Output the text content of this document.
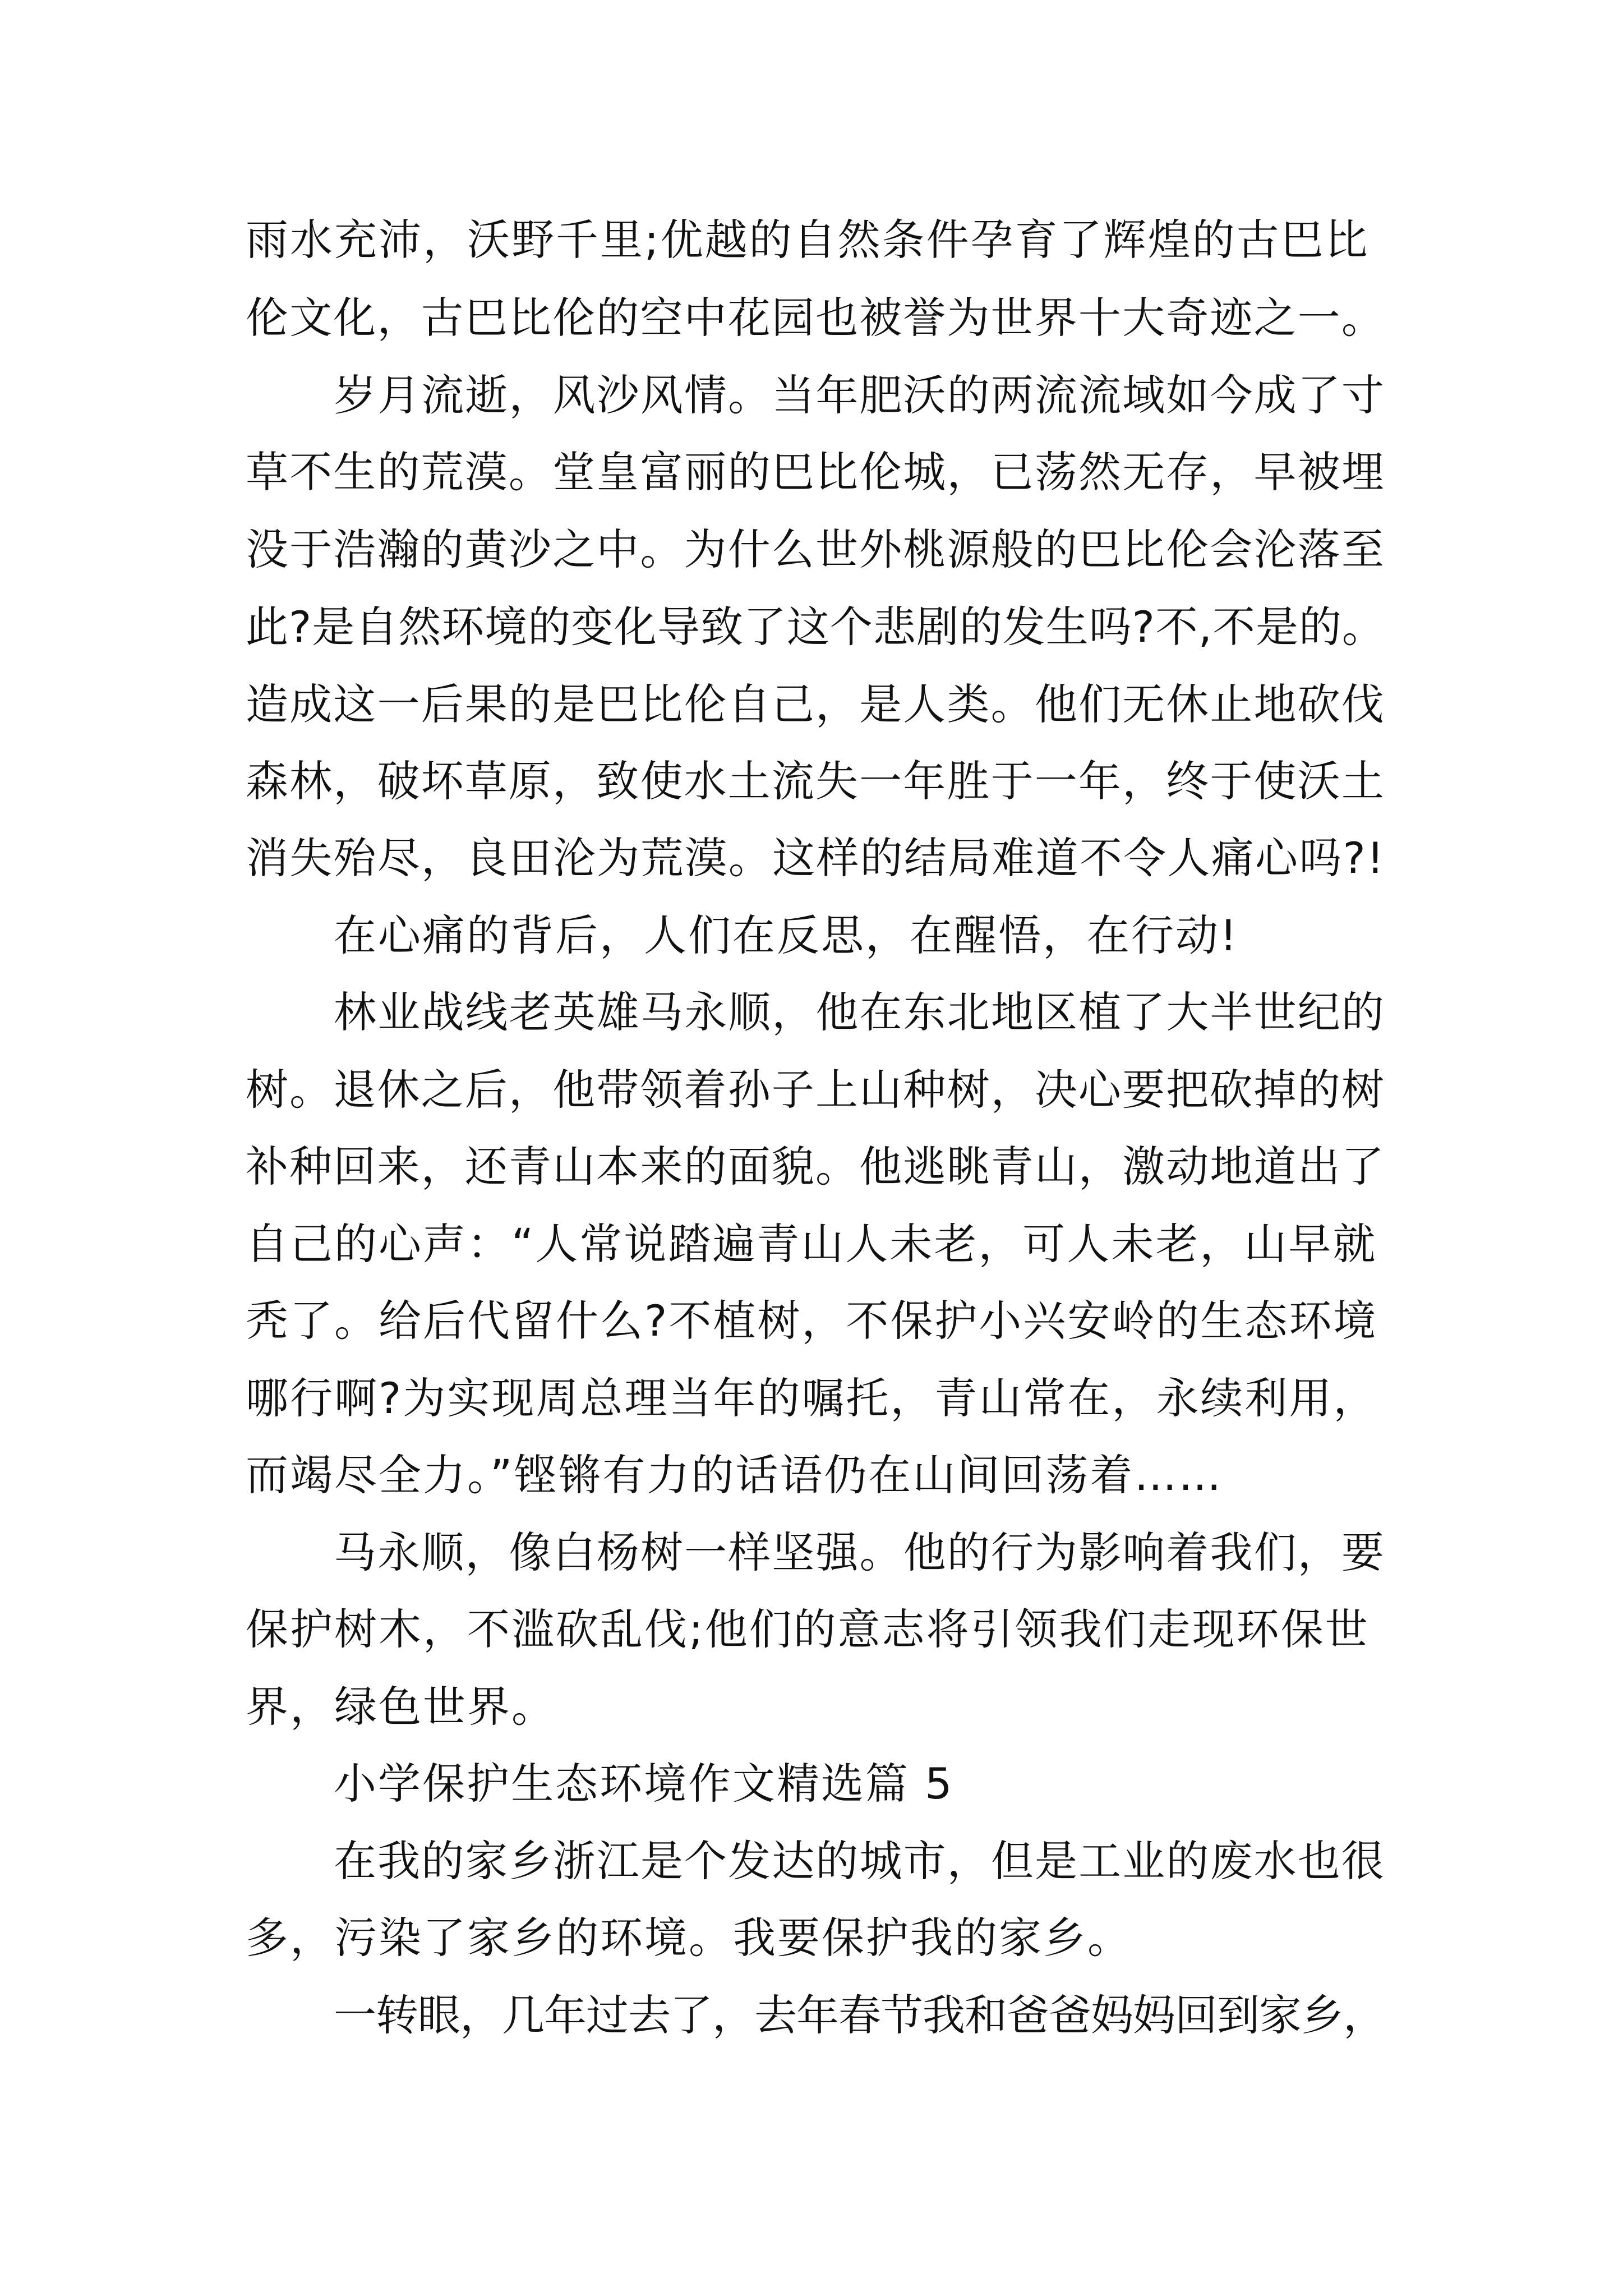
雨水充沛，沃野千里;优越的自然条件孕育了辉煌的古巴比
伦文化，古巴比伦的空中花园也被誉为世界十大奇迹之一。
岁月流逝，风沙风情。当年肥沃的两流流域如今成了寸
草不生的荒漠。堂皇富丽的巴比伦城，已荡然无存，早被埋
没于浩瀚的黄沙之中。为什么世外桃源般的巴比伦会沦落至
此?是自然环境的变化导致了这个悲剧的发生吗?不,不是的。
造成这一后果的是巴比伦自己，是人类。他们无休止地砍伐
森林，破坏草原，致使水土流失一年胜于一年，终于使沃土
消失殆尽，良田沦为荒漠。这样的结局难道不令人痛心吗?!
在心痛的背后，人们在反思，在醒悟，在行动!
林业战线老英雄马永顺，他在东北地区植了大半世纪的
树。退休之后，他带领着孙子上山种树，决心要把砍掉的树
补种回来，还青山本来的面貌。他逃眺青山，激动地道出了
自己的心声：“人常说踏遍青山人未老，可人未老，山早就
秃了。给后代留什么?不植树，不保护小兴安岭的生态环境
哪行啊?为实现周总理当年的嘱托，青山常在，永续利用，
而竭尽全力。”铿锵有力的话语仍在山间回荡着……
马永顺，像白杨树一样坚强。他的行为影响着我们，要
保护树木，不滥砍乱伐;他们的意志将引领我们走现环保世
界，绿色世界。
小学保护生态环境作文精选篇 5
在我的家乡浙江是个发达的城市，但是工业的废水也很
多，污染了家乡的环境。我要保护我的家乡。
一转眼，几年过去了，去年春节我和爸爸妈妈回到家乡，
